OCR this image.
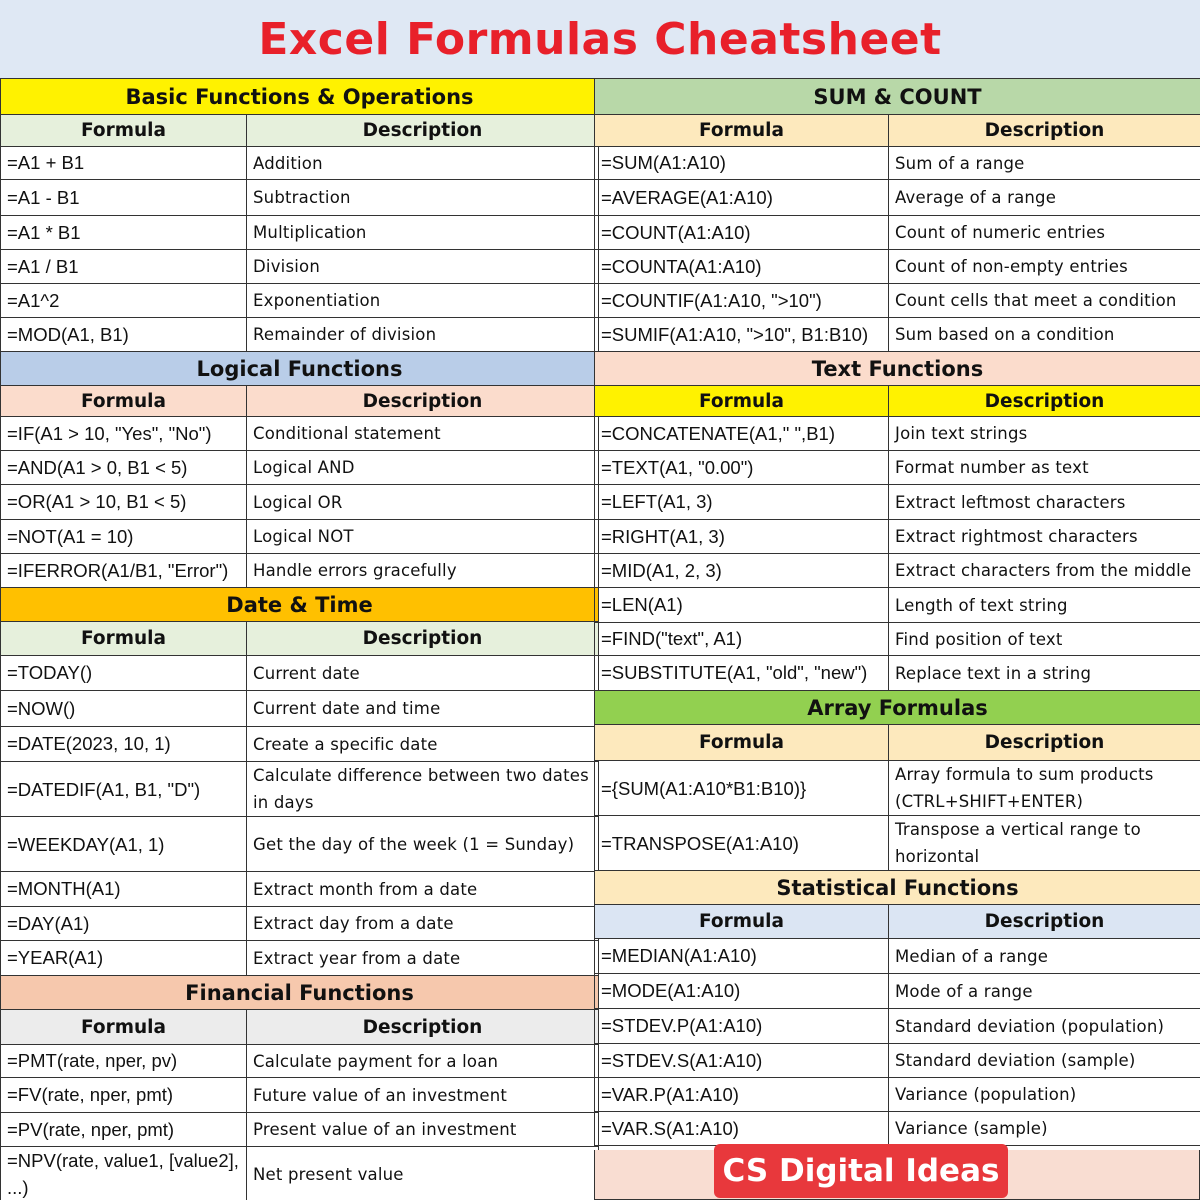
Excel Formulas Cheatsheet
Basic Functions & Operations	
Formula	Description
=A1 + B1	Addition
=A1 - B1	Subtraction
=A1 * B1	Multiplication
=A1 / B1	Division
=A1^2	Exponentiation
=MOD(A1, B1)	Remainder of division
Logical Functions	
Formula	Description
=IF(A1 > 10, "Yes", "No")	Conditional statement
=AND(A1 > 0, B1 < 5)	Logical AND
=OR(A1 > 10, B1 < 5)	Logical OR
=NOT(A1 = 10)	Logical NOT
=IFERROR(A1/B1, "Error")	Handle errors gracefully
Date & Time	
Formula	Description
=TODAY()	Current date
=NOW()	Current date and time
=DATE(2023, 10, 1)	Create a specific date
=DATEDIF(A1, B1, "D")	Calculate difference between two dates in days
=WEEKDAY(A1, 1)	Get the day of the week (1 = Sunday)
=MONTH(A1)	Extract month from a date
=DAY(A1)	Extract day from a date
=YEAR(A1)	Extract year from a date
Financial Functions	
Formula	Description
=PMT(rate, nper, pv)	Calculate payment for a loan
=FV(rate, nper, pmt)	Future value of an investment
=PV(rate, nper, pmt)	Present value of an investment
=NPV(rate, value1, [value2], ...)	Net present value
SUM & COUNT	
Formula	Description
=SUM(A1:A10)	Sum of a range
=AVERAGE(A1:A10)	Average of a range
=COUNT(A1:A10)	Count of numeric entries
=COUNTA(A1:A10)	Count of non-empty entries
=COUNTIF(A1:A10, ">10")	Count cells that meet a condition
=SUMIF(A1:A10, ">10", B1:B10)	Sum based on a condition
Text Functions	
Formula	Description
=CONCATENATE(A1," ",B1)	Join text strings
=TEXT(A1, "0.00")	Format number as text
=LEFT(A1, 3)	Extract leftmost characters
=RIGHT(A1, 3)	Extract rightmost characters
=MID(A1, 2, 3)	Extract characters from the middle
=LEN(A1)	Length of text string
=FIND("text", A1)	Find position of text
=SUBSTITUTE(A1, "old", "new")	Replace text in a string
Array Formulas	
Formula	Description
={SUM(A1:A10*B1:B10)}	Array formula to sum products (CTRL+SHIFT+ENTER)
=TRANSPOSE(A1:A10)	Transpose a vertical range to horizontal
Statistical Functions	
Formula	Description
=MEDIAN(A1:A10)	Median of a range
=MODE(A1:A10)	Mode of a range
=STDEV.P(A1:A10)	Standard deviation (population)
=STDEV.S(A1:A10)	Standard deviation (sample)
=VAR.P(A1:A10)	Variance (population)
=VAR.S(A1:A10)	Variance (sample)
CS Digital Ideas
